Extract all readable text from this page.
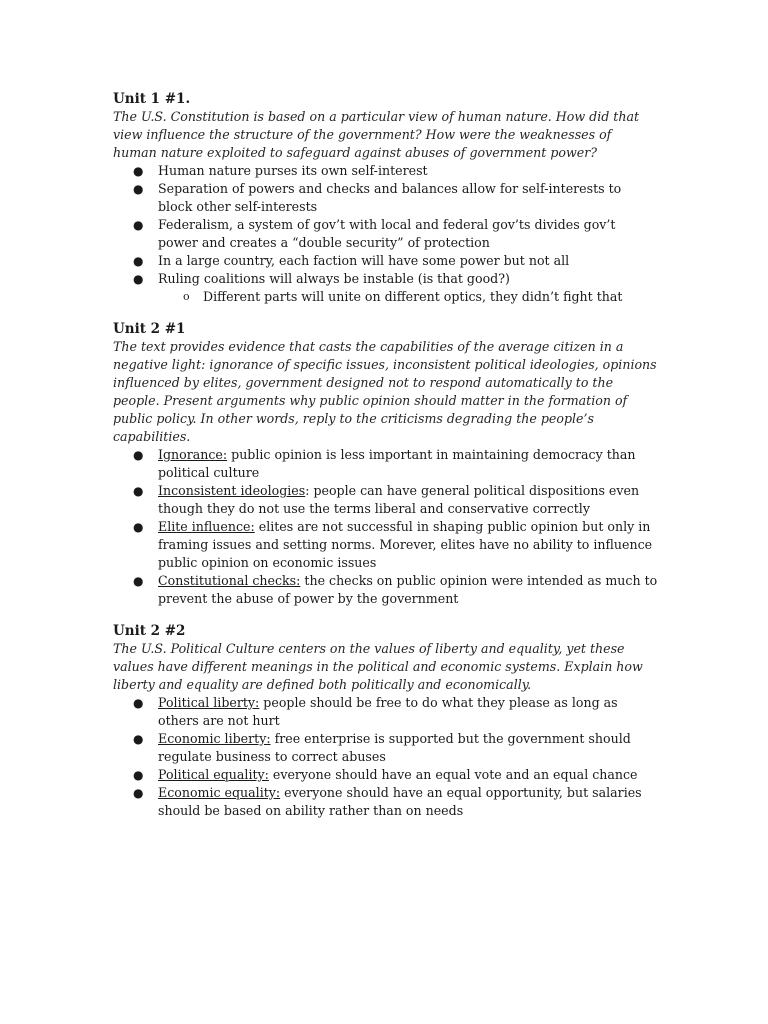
Unit 1 #1.

The U.S. Constitution is based on a particular view of human nature. How did that view influence the structure of the government? How were the weaknesses of human nature exploited to safeguard against abuses of government power?

● Human nature purses its own self-interest
● Separation of powers and checks and balances allow for self-interests to block other self-interests
● Federalism, a system of gov’t with local and federal gov’ts divides gov’t power and creates a “double security” of protection
● In a large country, each faction will have some power but not all
● Ruling coalitions will always be instable (is that good?)
o Different parts will unite on different optics, they didn’t fight that

Unit 2 #1

The text provides evidence that casts the capabilities of the average citizen in a negative light: ignorance of specific issues, inconsistent political ideologies, opinions influenced by elites, government designed not to respond automatically to the people. Present arguments why public opinion should matter in the formation of public policy. In other words, reply to the criticisms degrading the people’s capabilities.

● Ignorance: public opinion is less important in maintaining democracy than political culture
● Inconsistent ideologies: people can have general political dispositions even though they do not use the terms liberal and conservative correctly
● Elite influence: elites are not successful in shaping public opinion but only in framing issues and setting norms. Morever, elites have no ability to influence public opinion on economic issues
● Constitutional checks: the checks on public opinion were intended as much to prevent the abuse of power by the government

Unit 2 #2

The U.S. Political Culture centers on the values of liberty and equality, yet these values have different meanings in the political and economic systems. Explain how liberty and equality are defined both politically and economically.

● Political liberty: people should be free to do what they please as long as others are not hurt
● Economic liberty: free enterprise is supported but the government should regulate business to correct abuses
● Political equality: everyone should have an equal vote and an equal chance
● Economic equality: everyone should have an equal opportunity, but salaries should be based on ability rather than on needs
